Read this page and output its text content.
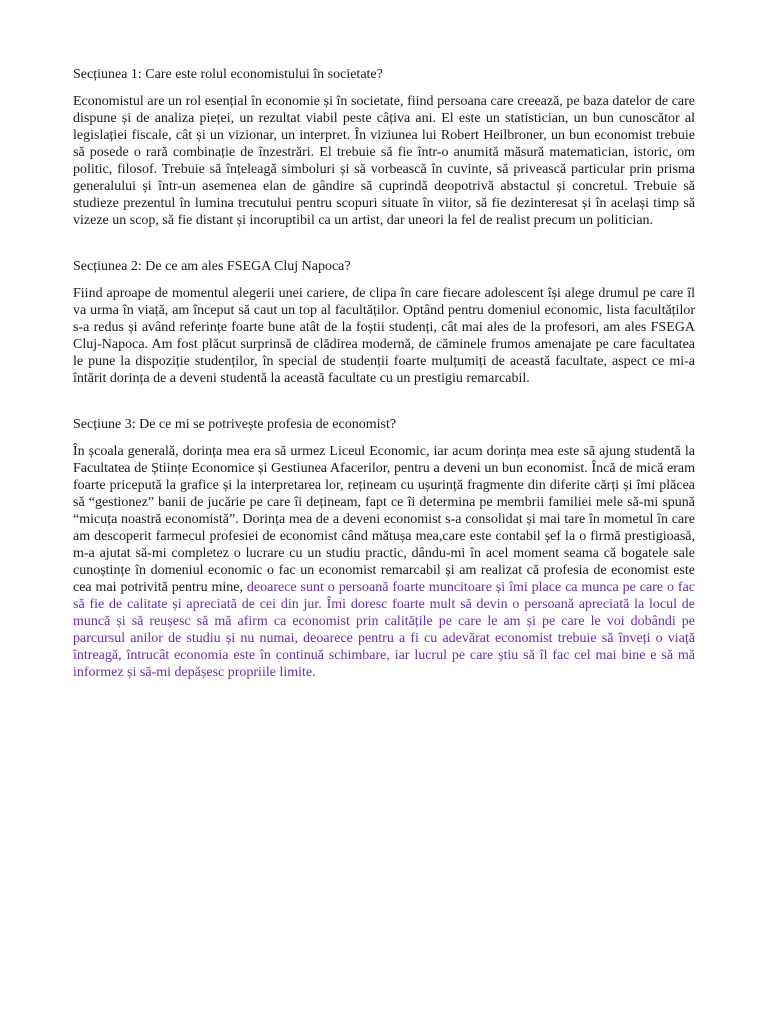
Secțiunea 1: Care este rolul economistului în societate?

Economistul are un rol esențial în economie și în societate, fiind persoana care creează, pe baza datelor de care dispune și de analiza pieței, un rezultat viabil peste câțiva ani. El este un statistician, un bun cunoscător al legislației fiscale, cât și un vizionar, un interpret. În viziunea lui Robert Heilbroner, un bun economist trebuie să posede o rară combinație de înzestrări. El trebuie să fie într-o anumită măsură matematician, istoric, om politic, filosof. Trebuie să înțeleagă simboluri și să vorbească în cuvinte, să privească particular prin prisma generalului și într-un asemenea elan de gândire să cuprindă deopotrivă abstactul și concretul. Trebuie să studieze prezentul în lumina trecutului pentru scopuri situate în viitor, să fie dezinteresat și în același timp să vizeze un scop, să fie distant și incoruptibil ca un artist, dar uneori la fel de realist precum un politician.

Secțiunea 2: De ce am ales FSEGA Cluj Napoca?

Fiind aproape de momentul alegerii unei cariere, de clipa în care fiecare adolescent își alege drumul pe care îl va urma în viață, am început să caut un top al facultăților. Optând pentru domeniul economic, lista facultăților s-a redus și având referințe foarte bune atât de la foștii studenți, cât mai ales de la profesori, am ales FSEGA Cluj-Napoca. Am fost plăcut surprinsă de clădirea modernă, de căminele frumos amenajate pe care facultatea le pune la dispoziție studenților, în special de studenții foarte mulțumiți de această facultate, aspect ce mi-a întărit dorința de a deveni studentă la această facultate cu un prestigiu remarcabil.

Secțiune 3: De ce mi se potrivește profesia de economist?

În școala generală, dorința mea era să urmez Liceul Economic, iar acum dorința mea este să ajung studentă la Facultatea de Științe Economice și Gestiunea Afacerilor, pentru a deveni un bun economist. Încă de mică eram foarte pricepută la grafice și la interpretarea lor, rețineam cu ușurință fragmente din diferite cărți și îmi plăcea să “gestionez” banii de jucărie pe care îi dețineam, fapt ce îi determina pe membrii familiei mele să-mi spună “micuța noastră economistă”. Dorința mea de a deveni economist s-a consolidat și mai tare în mometul în care am descoperit farmecul profesiei de economist când mătușa mea,care este contabil șef la o firmă prestigioasă, m-a ajutat să-mi completez o lucrare cu un studiu practic, dându-mi în acel moment seama că bogatele sale cunoștințe în domeniul economic o fac un economist remarcabil și am realizat că profesia de economist este cea mai potrivită pentru mine, deoarece sunt o persoană foarte muncitoare și îmi place ca munca pe care o fac să fie de calitate și apreciată de cei din jur. Îmi doresc foarte mult să devin o persoană apreciată la locul de muncă și să reușesc să mă afirm ca economist prin calitățile pe care le am și pe care le voi dobândi pe parcursul anilor de studiu și nu numai, deoarece pentru a fi cu adevărat economist trebuie să înveți o viață întreagă, întrucât economia este în continuă schimbare, iar lucrul pe care știu să îl fac cel mai bine e să mă informez și să-mi depășesc propriile limite.
